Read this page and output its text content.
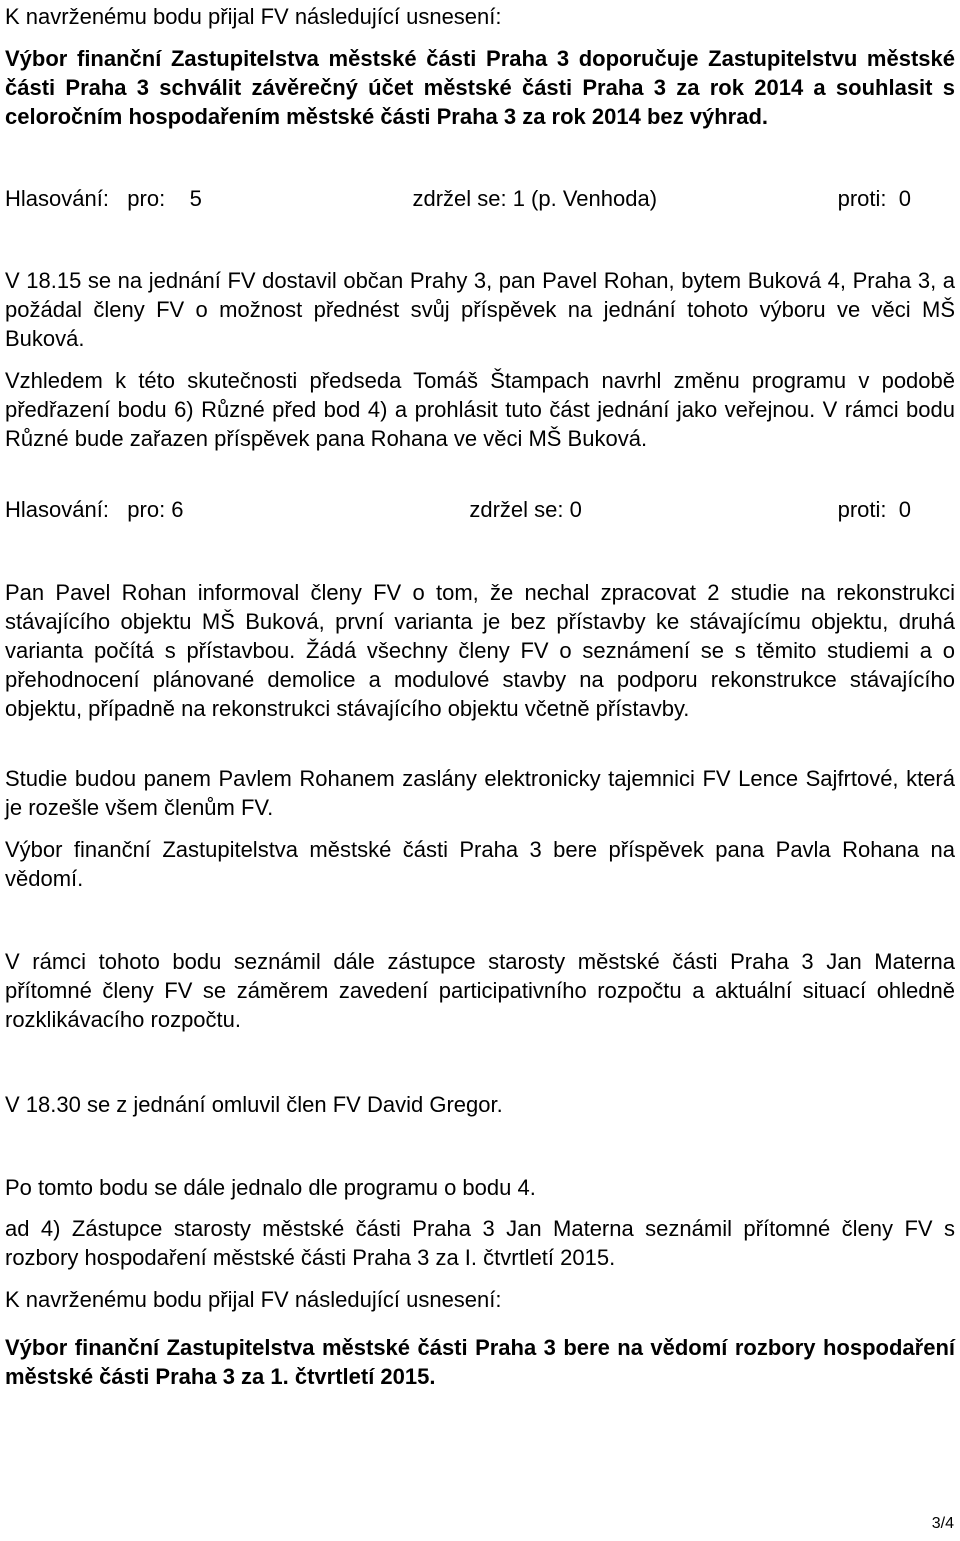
K navrženému bodu přijal FV následující usnesení:

Výbor finanční Zastupitelstva městské části Praha 3 doporučuje Zastupitelstvu městské části Praha 3 schválit závěrečný účet městské části Praha 3 za rok 2014 a souhlasit s celoročním hospodařením městské části Praha 3 za rok 2014 bez výhrad.

Hlasování:   pro:    5	zdržel se: 1 (p. Venhoda)	proti:  0

V 18.15 se na jednání FV dostavil občan Prahy 3, pan Pavel Rohan, bytem Buková 4, Praha 3, a požádal členy FV o možnost přednést svůj příspěvek na jednání tohoto výboru ve věci MŠ Buková.

Vzhledem k této skutečnosti předseda Tomáš Štampach navrhl změnu programu v podobě předřazení bodu 6) Různé před bod 4) a prohlásit tuto část jednání jako veřejnou. V rámci bodu Různé bude zařazen příspěvek pana Rohana ve věci MŠ Buková.

Hlasování:   pro: 6	zdržel se: 0	proti:  0

Pan Pavel Rohan informoval členy FV o tom, že nechal zpracovat 2 studie na rekonstrukci stávajícího objektu MŠ Buková, první varianta je bez přístavby ke stávajícímu objektu, druhá varianta počítá s přístavbou. Žádá všechny členy FV o seznámení se s těmito studiemi a o přehodnocení plánované demolice a modulové stavby na podporu rekonstrukce stávajícího objektu, případně na rekonstrukci stávajícího objektu včetně přístavby.

Studie budou panem Pavlem Rohanem zaslány elektronicky tajemnici FV Lence Sajfrtové, která je rozešle všem členům FV.

Výbor finanční Zastupitelstva městské části Praha 3 bere příspěvek pana Pavla Rohana na vědomí.

V rámci tohoto bodu seznámil dále zástupce starosty městské části Praha 3 Jan Materna přítomné členy FV se záměrem zavedení participativního rozpočtu a aktuální situací ohledně rozklikávacího rozpočtu.

V 18.30 se z jednání omluvil člen FV David Gregor.

Po tomto bodu se dále jednalo dle programu o bodu 4.

ad 4) Zástupce starosty městské části Praha 3 Jan Materna seznámil přítomné členy FV s rozbory hospodaření městské části Praha 3 za I. čtvrtletí 2015.

K navrženému bodu přijal FV následující usnesení:

Výbor finanční Zastupitelstva městské části Praha 3 bere na vědomí rozbory hospodaření městské části Praha 3 za 1. čtvrtletí 2015.

3/4
